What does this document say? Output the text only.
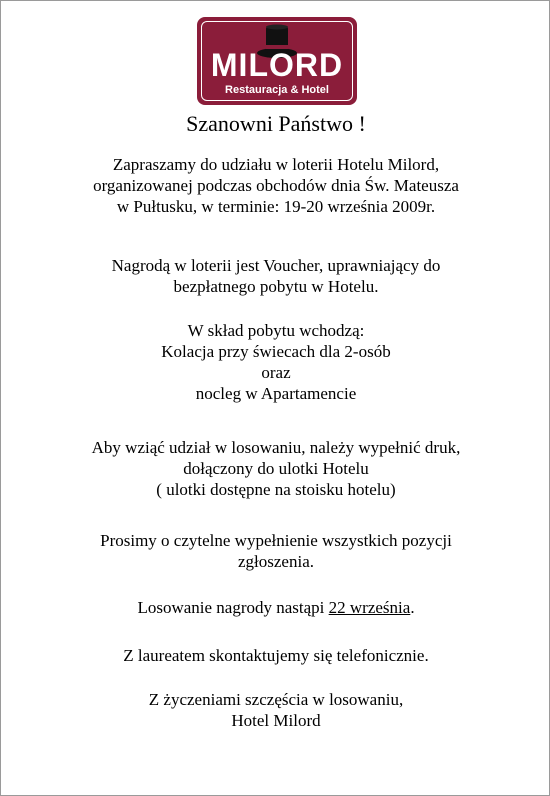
MILORD
Restauracja & Hotel
Szanowni Państwo !
Zapraszamy do udziału w loterii Hotelu Milord,
organizowanej podczas obchodów dnia Św. Mateusza
w Pułtusku, w terminie: 19-20 września 2009r.
Nagrodą w loterii jest Voucher, uprawniający do
bezpłatnego pobytu w Hotelu.
W skład pobytu wchodzą:
Kolacja przy świecach dla 2-osób
oraz
nocleg w Apartamencie
Aby wziąć udział w losowaniu, należy wypełnić druk,
dołączony do ulotki Hotelu
( ulotki dostępne na stoisku hotelu)
Prosimy o czytelne wypełnienie wszystkich pozycji
zgłoszenia.
Losowanie nagrody nastąpi 22 września.
Z laureatem skontaktujemy się telefonicznie.
Z życzeniami szczęścia w losowaniu,
Hotel Milord
